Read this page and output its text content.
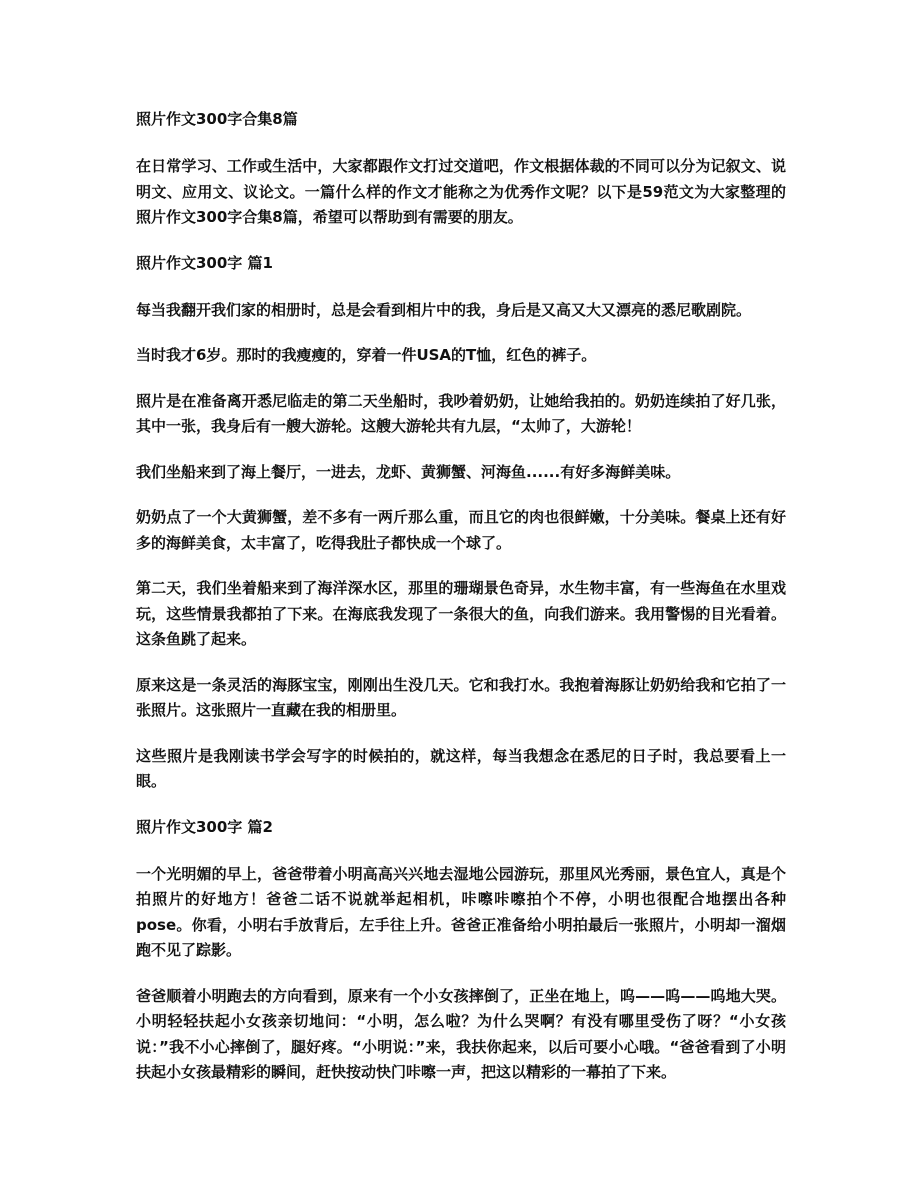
照片作文300字合集8篇
在日常学习、工作或生活中，大家都跟作文打过交道吧，作文根据体裁的不同可以分为记叙文、说明文、应用文、议论文。一篇什么样的作文才能称之为优秀作文呢？以下是59范文为大家整理的照片作文300字合集8篇，希望可以帮助到有需要的朋友。
照片作文300字 篇1
每当我翻开我们家的相册时，总是会看到相片中的我，身后是又高又大又漂亮的悉尼歌剧院。
当时我才6岁。那时的我瘦瘦的，穿着一件USA的T恤，红色的裤子。
照片是在准备离开悉尼临走的第二天坐船时，我吵着奶奶，让她给我拍的。奶奶连续拍了好几张，其中一张，我身后有一艘大游轮。这艘大游轮共有九层，“太帅了，大游轮！
我们坐船来到了海上餐厅，一进去，龙虾、黄狮蟹、河海鱼......有好多海鲜美味。
奶奶点了一个大黄狮蟹，差不多有一两斤那么重，而且它的肉也很鲜嫩，十分美味。餐桌上还有好多的海鲜美食，太丰富了，吃得我肚子都快成一个球了。
第二天，我们坐着船来到了海洋深水区，那里的珊瑚景色奇异，水生物丰富，有一些海鱼在水里戏玩，这些情景我都拍了下来。在海底我发现了一条很大的鱼，向我们游来。我用警惕的目光看着。这条鱼跳了起来。
原来这是一条灵活的海豚宝宝，刚刚出生没几天。它和我打水。我抱着海豚让奶奶给我和它拍了一张照片。这张照片一直藏在我的相册里。
这些照片是我刚读书学会写字的时候拍的，就这样，每当我想念在悉尼的日子时，我总要看上一眼。
照片作文300字 篇2
一个光明媚的早上，爸爸带着小明高高兴兴地去湿地公园游玩，那里风光秀丽，景色宜人，真是个拍照片的好地方！爸爸二话不说就举起相机，咔嚓咔嚓拍个不停，小明也很配合地摆出各种pose。你看，小明右手放背后，左手往上升。爸爸正准备给小明拍最后一张照片，小明却一溜烟跑不见了踪影。
爸爸顺着小明跑去的方向看到，原来有一个小女孩摔倒了，正坐在地上，呜——呜——呜地大哭。小明轻轻扶起小女孩亲切地问：“小明，怎么啦？为什么哭啊？有没有哪里受伤了呀？“小女孩说：”我不小心摔倒了，腿好疼。“小明说：”来，我扶你起来，以后可要小心哦。“爸爸看到了小明扶起小女孩最精彩的瞬间，赶快按动快门咔嚓一声，把这以精彩的一幕拍了下来。
